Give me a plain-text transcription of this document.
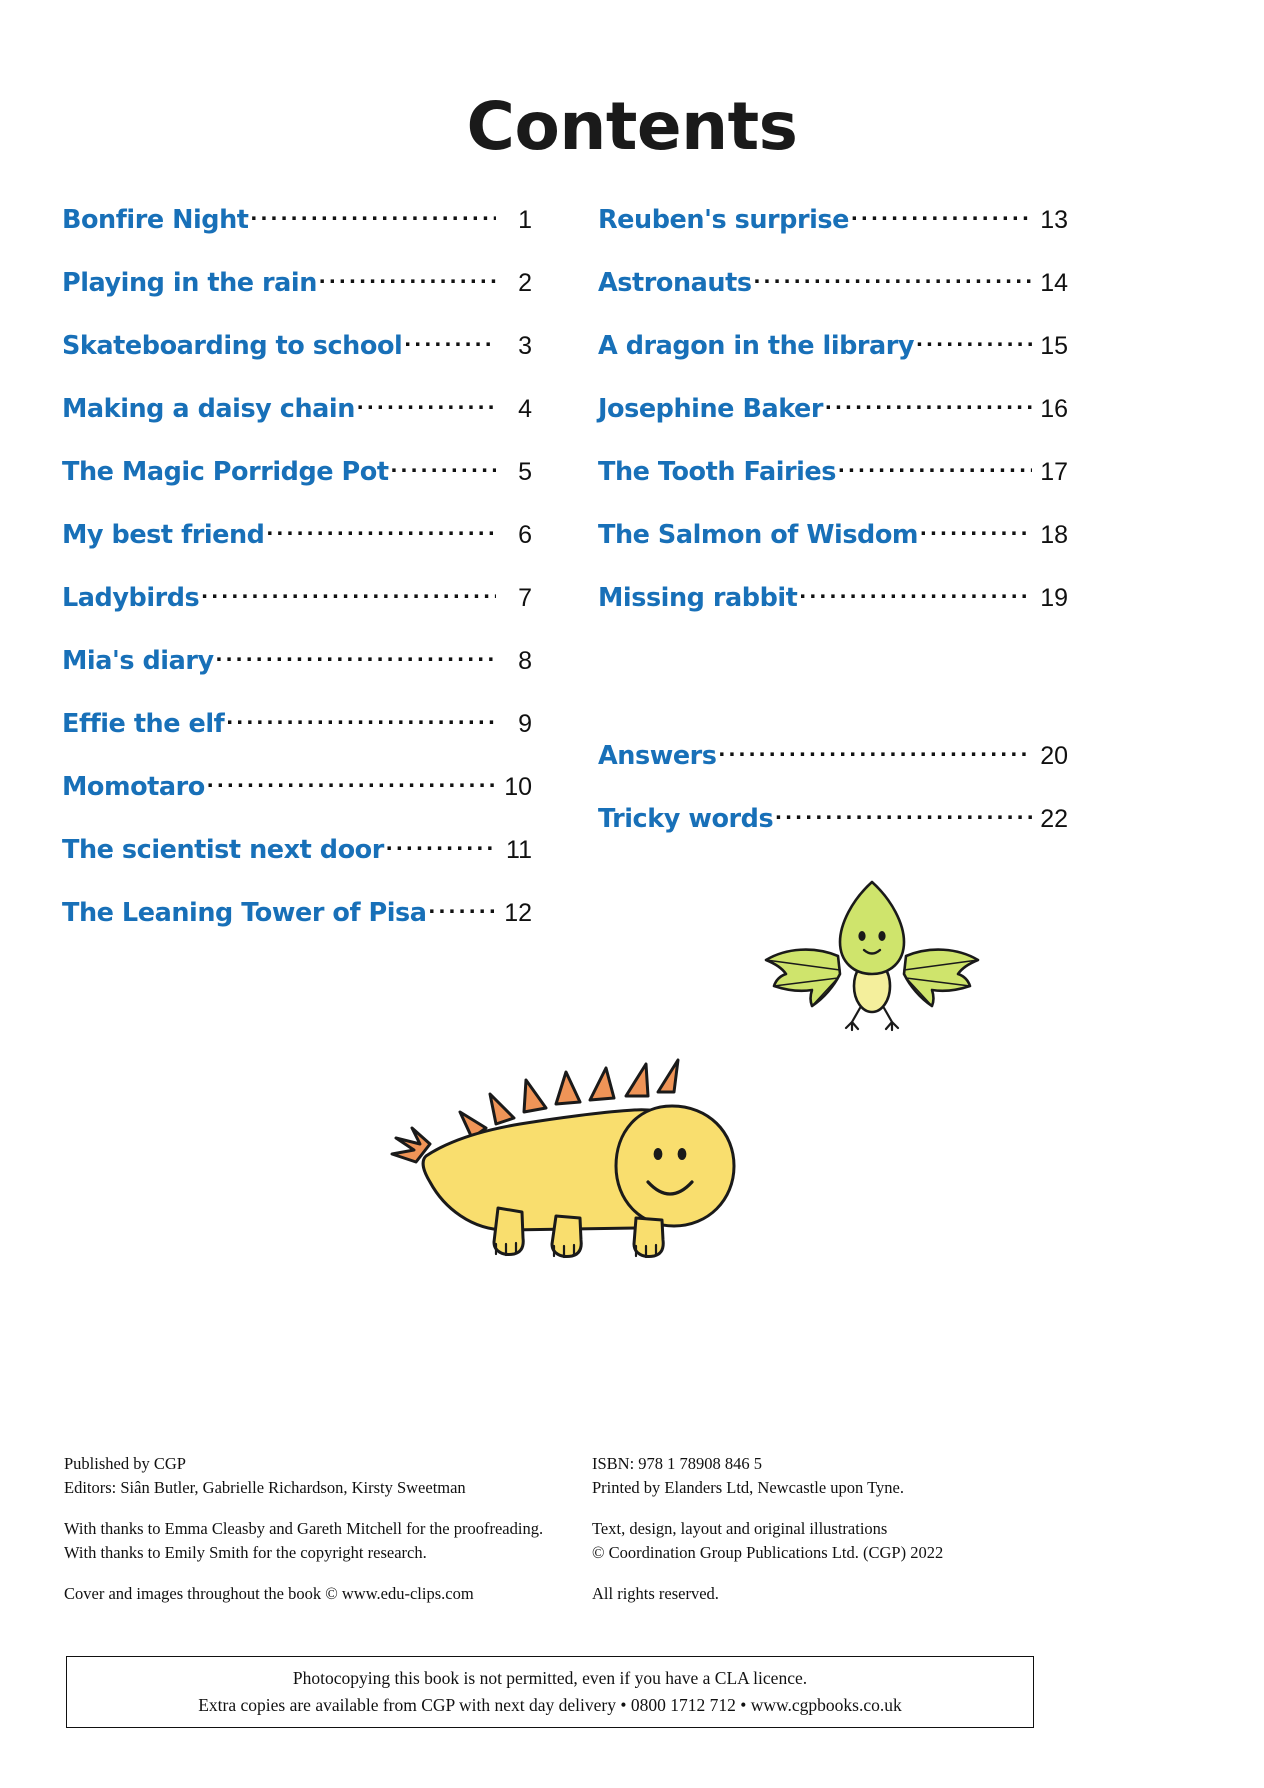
Contents
Bonfire Night .....	1
Playing in the rain .....	2
Skateboarding to school .....	3
Making a daisy chain .....	4
The Magic Porridge Pot .....	5
My best friend .....	6
Ladybirds .....	7
Mia's diary .....	8
Effie the elf .....	9
Momotaro .....	10
The scientist next door .....	11
The Leaning Tower of Pisa .....	12
Reuben's surprise .....	13
Astronauts .....	14
A dragon in the library .....	15
Josephine Baker .....	16
The Tooth Fairies .....	17
The Salmon of Wisdom .....	18
Missing rabbit .....	19
Answers .....	20
Tricky words .....	22
Published by CGP
Editors: Siân Butler, Gabrielle Richardson, Kirsty Sweetman
With thanks to Emma Cleasby and Gareth Mitchell for the proofreading.
With thanks to Emily Smith for the copyright research.
Cover and images throughout the book © www.edu-clips.com
ISBN: 978 1 78908 846 5
Printed by Elanders Ltd, Newcastle upon Tyne.
Text, design, layout and original illustrations
© Coordination Group Publications Ltd. (CGP) 2022
All rights reserved.
Photocopying this book is not permitted, even if you have a CLA licence.
Extra copies are available from CGP with next day delivery • 0800 1712 712 • www.cgpbooks.co.uk
